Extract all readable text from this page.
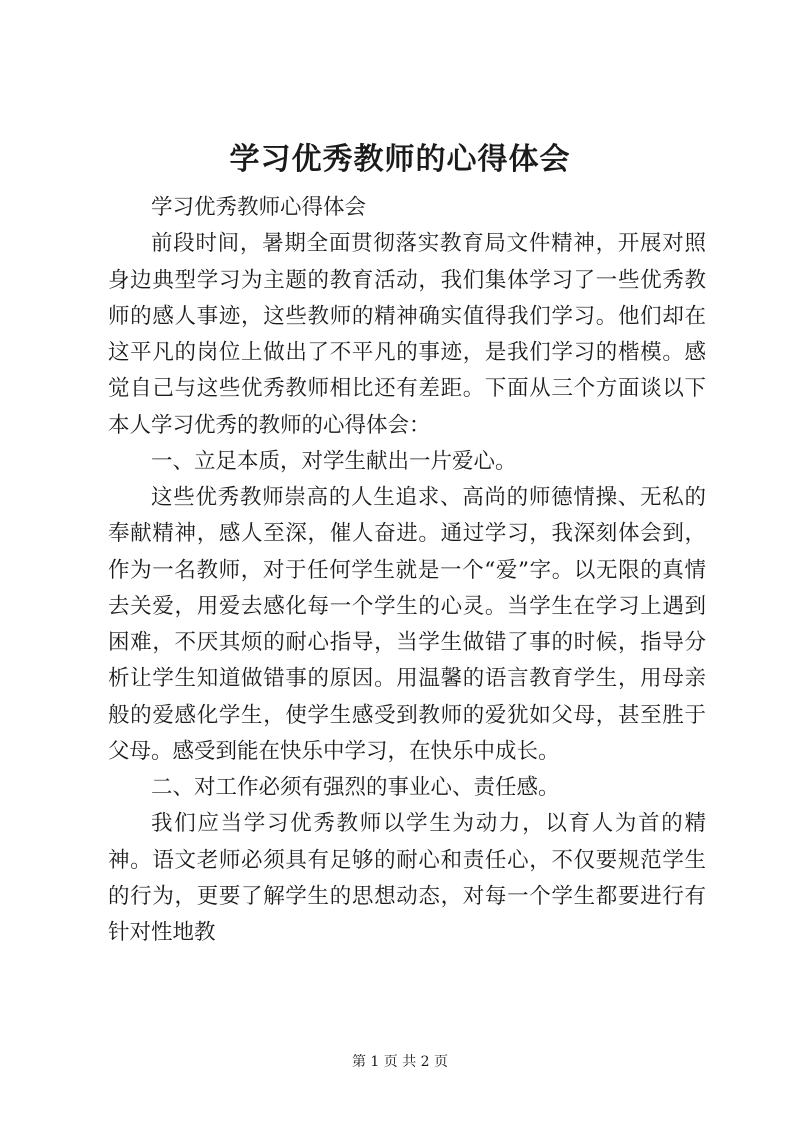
学习优秀教师的心得体会

学习优秀教师心得体会

前段时间，暑期全面贯彻落实教育局文件精神，开展对照身边典型学习为主题的教育活动，我们集体学习了一些优秀教师的感人事迹，这些教师的精神确实值得我们学习。他们却在这平凡的岗位上做出了不平凡的事迹，是我们学习的楷模。感觉自己与这些优秀教师相比还有差距。下面从三个方面谈以下本人学习优秀的教师的心得体会：

一、立足本质，对学生献出一片爱心。

这些优秀教师崇高的人生追求、高尚的师德情操、无私的奉献精神，感人至深，催人奋进。通过学习，我深刻体会到，作为一名教师，对于任何学生就是一个“爱”字。以无限的真情去关爱，用爱去感化每一个学生的心灵。当学生在学习上遇到困难，不厌其烦的耐心指导，当学生做错了事的时候，指导分析让学生知道做错事的原因。用温馨的语言教育学生，用母亲般的爱感化学生，使学生感受到教师的爱犹如父母，甚至胜于父母。感受到能在快乐中学习，在快乐中成长。

二、对工作必须有强烈的事业心、责任感。

我们应当学习优秀教师以学生为动力，以育人为首的精神。语文老师必须具有足够的耐心和责任心，不仅要规范学生的行为，更要了解学生的思想动态，对每一个学生都要进行有针对性地教

第 1 页 共 2 页
